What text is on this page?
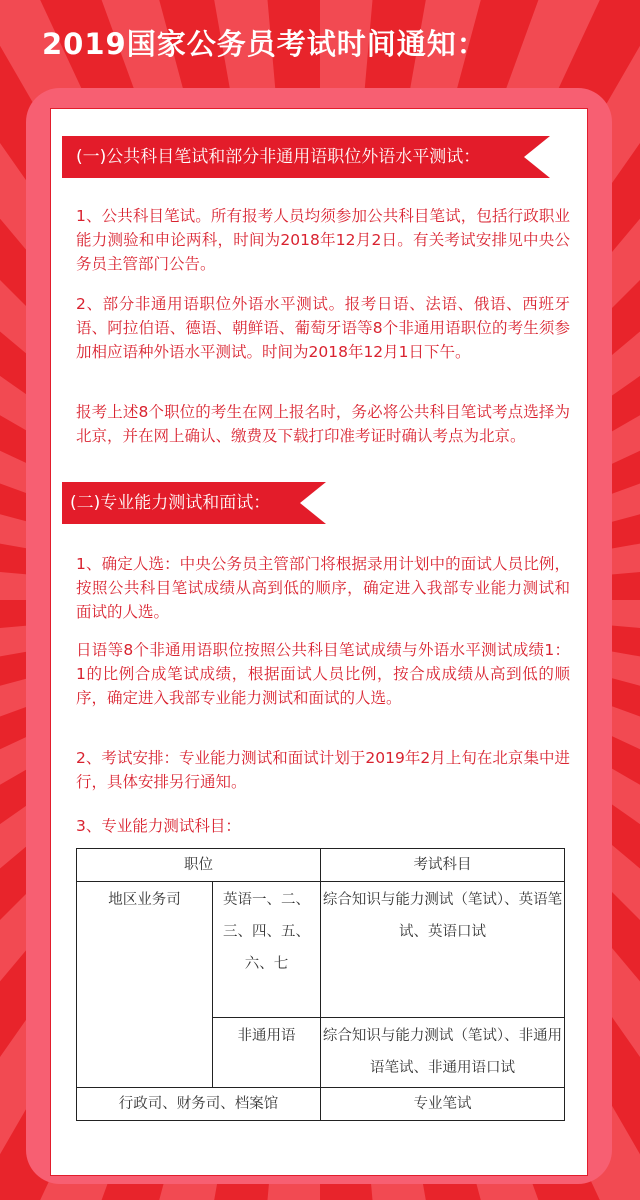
2019国家公务员考试时间通知：
(一)公共科目笔试和部分非通用语职位外语水平测试：

1、公共科目笔试。所有报考人员均须参加公共科目笔试，包括行政职业能力测验和申论两科，时间为2018年12月2日。有关考试安排见中央公务员主管部门公告。

2、部分非通用语职位外语水平测试。报考日语、法语、俄语、西班牙语、阿拉伯语、德语、朝鲜语、葡萄牙语等8个非通用语职位的考生须参加相应语种外语水平测试。时间为2018年12月1日下午。

报考上述8个职位的考生在网上报名时，务必将公共科目笔试考点选择为北京，并在网上确认、缴费及下载打印准考证时确认考点为北京。

(二)专业能力测试和面试：

1、确定人选：中央公务员主管部门将根据录用计划中的面试人员比例，按照公共科目笔试成绩从高到低的顺序，确定进入我部专业能力测试和面试的人选。

日语等8个非通用语职位按照公共科目笔试成绩与外语水平测试成绩1：1的比例合成笔试成绩，根据面试人员比例，按合成成绩从高到低的顺序，确定进入我部专业能力测试和面试的人选。

2、考试安排：专业能力测试和面试计划于2019年2月上旬在北京集中进行，具体安排另行通知。

3、专业能力测试科目：

职位		考试科目
地区业务司	英语一、二、三、四、五、六、七	综合知识与能力测试（笔试）、英语笔试、英语口试
	非通用语	综合知识与能力测试（笔试）、非通用语笔试、非通用语口试
行政司、财务司、档案馆		专业笔试
